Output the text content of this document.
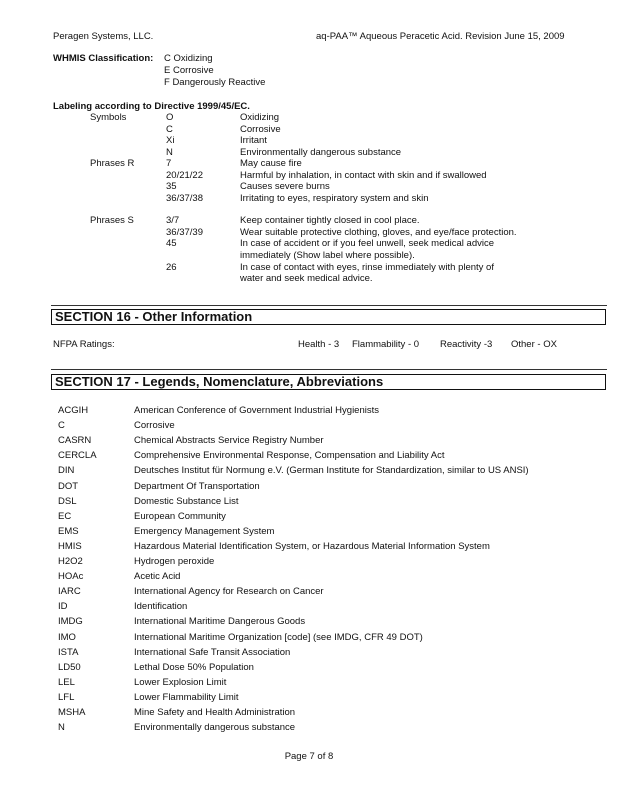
Peragen Systems, LLC.	aq-PAA™ Aqueous Peracetic Acid. Revision June 15, 2009
WHMIS Classification: C Oxidizing
E Corrosive
F Dangerously Reactive
Labeling according to Directive 1999/45/EC.
Symbols	O	Oxidizing
C	Corrosive
Xi	Irritant
N	Environmentally dangerous substance
Phrases R	7	May cause fire
20/21/22	Harmful by inhalation, in contact with skin and if swallowed
35	Causes severe burns
36/37/38	Irritating to eyes, respiratory system and skin
Phrases S	3/7	Keep container tightly closed in cool place.
36/37/39	Wear suitable protective clothing, gloves, and eye/face protection.
45	In case of accident or if you feel unwell, seek medical advice
immediately (Show label where possible).
26	In case of contact with eyes, rinse immediately with plenty of
water and seek medical advice.
SECTION 16 - Other Information
NFPA Ratings:	Health - 3 Flammability - 0 Reactivity -3 Other - OX
SECTION 17 - Legends, Nomenclature, Abbreviations
ACGIH	American Conference of Government Industrial Hygienists
C	Corrosive
CASRN	Chemical Abstracts Service Registry Number
CERCLA	Comprehensive Environmental Response, Compensation and Liability Act
DIN	Deutsches Institut für Normung e.V. (German Institute for Standardization, similar to US ANSI)
DOT	Department Of Transportation
DSL	Domestic Substance List
EC	European Community
EMS	Emergency Management System
HMIS	Hazardous Material Identification System, or Hazardous Material Information System
H2O2	Hydrogen peroxide
HOAc	Acetic Acid
IARC	International Agency for Research on Cancer
ID	Identification
IMDG	International Maritime Dangerous Goods
IMO	International Maritime Organization [code] (see IMDG, CFR 49 DOT)
ISTA	International Safe Transit Association
LD50	Lethal Dose 50% Population
LEL	Lower Explosion Limit
LFL	Lower Flammability Limit
MSHA	Mine Safety and Health Administration
N	Environmentally dangerous substance
Page 7 of 8
